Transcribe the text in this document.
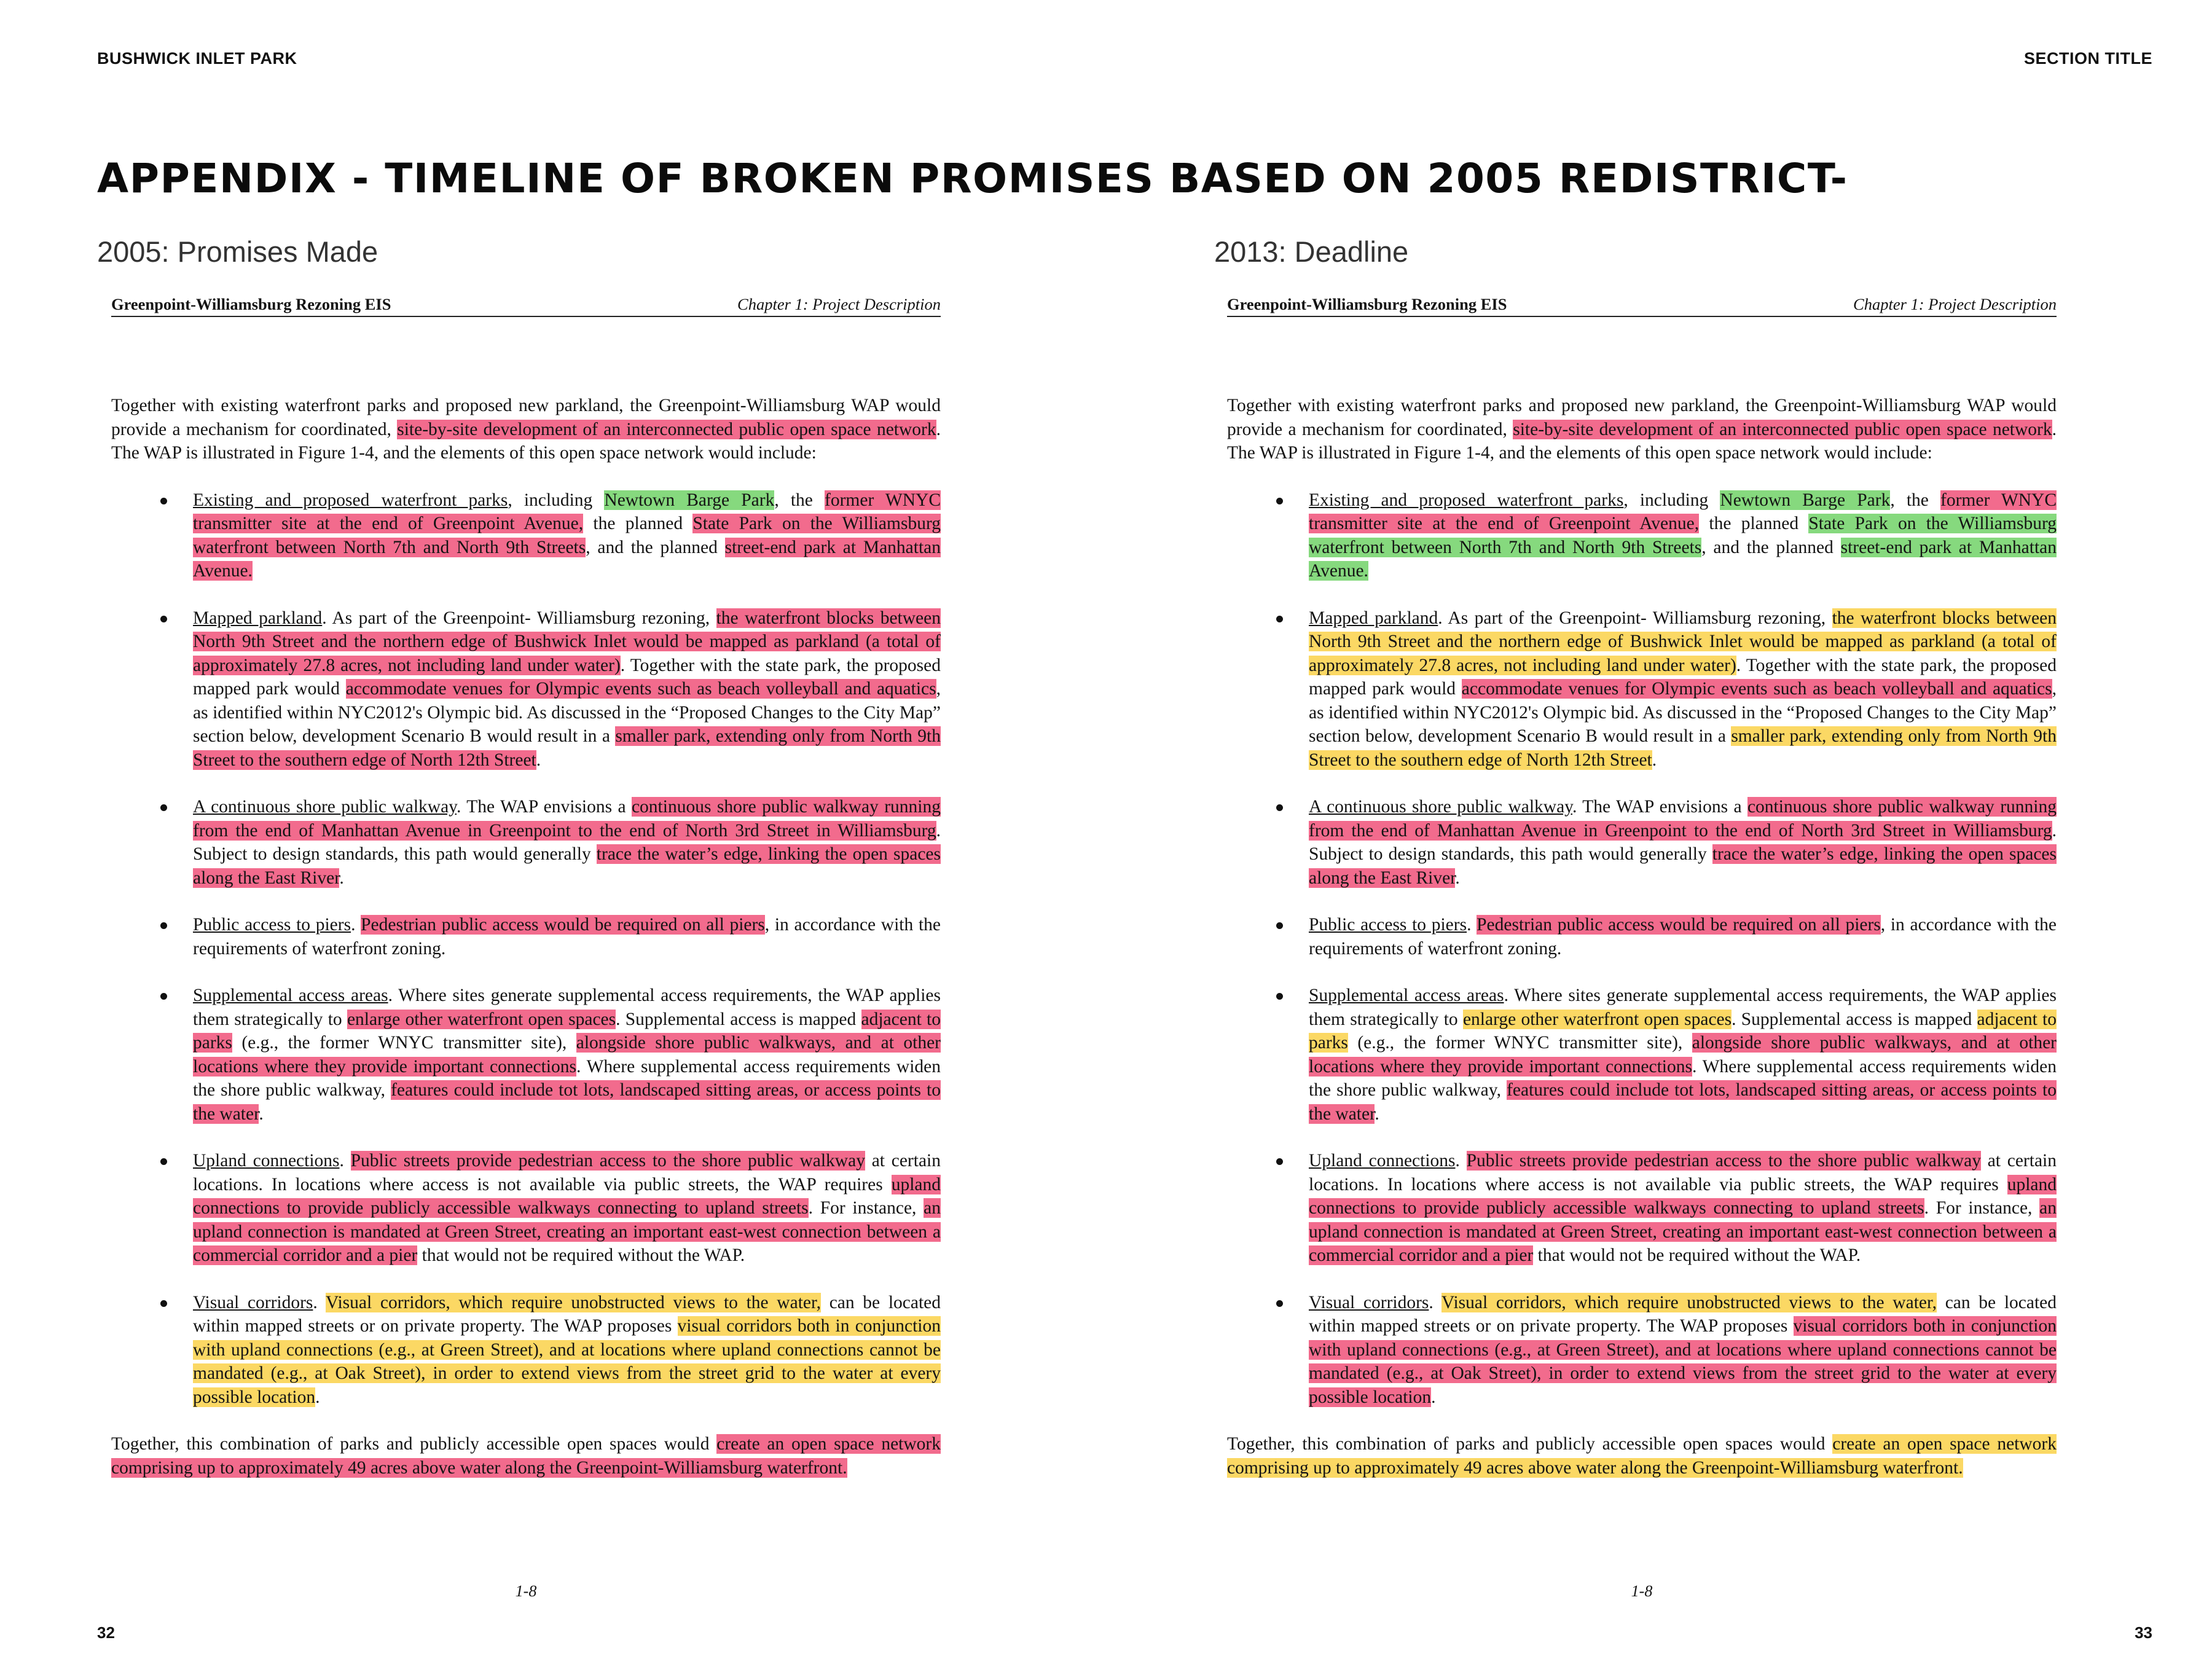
BUSHWICK INLET PARK	SECTION TITLE
APPENDIX - TIMELINE OF BROKEN PROMISES BASED ON 2005 REDISTRICT-
2005: Promises Made	2013: Deadline
Greenpoint-Williamsburg Rezoning EIS	Chapter 1: Project Description

Together with existing waterfront parks and proposed new parkland, the Greenpoint-Williamsburg WAP would provide a mechanism for coordinated, site-by-site development of an interconnected public open space network. The WAP is illustrated in Figure 1-4, and the elements of this open space network would include:

Existing and proposed waterfront parks, including Newtown Barge Park, the former WNYC transmitter site at the end of Greenpoint Avenue, the planned State Park on the Williamsburg waterfront between North 7th and North 9th Streets, and the planned street-end park at Manhattan Avenue.
Mapped parkland. As part of the Greenpoint- Williamsburg rezoning, the waterfront blocks between North 9th Street and the northern edge of Bushwick Inlet would be mapped as parkland (a total of approximately 27.8 acres, not including land under water). Together with the state park, the proposed mapped park would accommodate venues for Olympic events such as beach volleyball and aquatics, as identified within NYC2012's Olympic bid. As discussed in the “Proposed Changes to the City Map” section below, development Scenario B would result in a smaller park, extending only from North 9th Street to the southern edge of North 12th Street.
A continuous shore public walkway. The WAP envisions a continuous shore public walkway running from the end of Manhattan Avenue in Greenpoint to the end of North 3rd Street in Williamsburg. Subject to design standards, this path would generally trace the water’s edge, linking the open spaces along the East River.
Public access to piers. Pedestrian public access would be required on all piers, in accordance with the requirements of waterfront zoning.
Supplemental access areas. Where sites generate supplemental access requirements, the WAP applies them strategically to enlarge other waterfront open spaces. Supplemental access is mapped adjacent to parks (e.g., the former WNYC transmitter site), alongside shore public walkways, and at other locations where they provide important connections. Where supplemental access requirements widen the shore public walkway, features could include tot lots, landscaped sitting areas, or access points to the water.
Upland connections. Public streets provide pedestrian access to the shore public walkway at certain locations. In locations where access is not available via public streets, the WAP requires upland connections to provide publicly accessible walkways connecting to upland streets. For instance, an upland connection is mandated at Green Street, creating an important east-west connection between a commercial corridor and a pier that would not be required without the WAP.
Visual corridors. Visual corridors, which require unobstructed views to the water, can be located within mapped streets or on private property. The WAP proposes visual corridors both in conjunction with upland connections (e.g., at Green Street), and at locations where upland connections cannot be mandated (e.g., at Oak Street), in order to extend views from the street grid to the water at every possible location.

Together, this combination of parks and publicly accessible open spaces would create an open space network comprising up to approximately 49 acres above water along the Greenpoint-Williamsburg waterfront.

1-8
Greenpoint-Williamsburg Rezoning EIS	Chapter 1: Project Description

Together with existing waterfront parks and proposed new parkland, the Greenpoint-Williamsburg WAP would provide a mechanism for coordinated, site-by-site development of an interconnected public open space network. The WAP is illustrated in Figure 1-4, and the elements of this open space network would include:

Existing and proposed waterfront parks, including Newtown Barge Park, the former WNYC transmitter site at the end of Greenpoint Avenue, the planned State Park on the Williamsburg waterfront between North 7th and North 9th Streets, and the planned street-end park at Manhattan Avenue.
Mapped parkland. As part of the Greenpoint- Williamsburg rezoning, the waterfront blocks between North 9th Street and the northern edge of Bushwick Inlet would be mapped as parkland (a total of approximately 27.8 acres, not including land under water). Together with the state park, the proposed mapped park would accommodate venues for Olympic events such as beach volleyball and aquatics, as identified within NYC2012's Olympic bid. As discussed in the “Proposed Changes to the City Map” section below, development Scenario B would result in a smaller park, extending only from North 9th Street to the southern edge of North 12th Street.
A continuous shore public walkway. The WAP envisions a continuous shore public walkway running from the end of Manhattan Avenue in Greenpoint to the end of North 3rd Street in Williamsburg. Subject to design standards, this path would generally trace the water’s edge, linking the open spaces along the East River.
Public access to piers. Pedestrian public access would be required on all piers, in accordance with the requirements of waterfront zoning.
Supplemental access areas. Where sites generate supplemental access requirements, the WAP applies them strategically to enlarge other waterfront open spaces. Supplemental access is mapped adjacent to parks (e.g., the former WNYC transmitter site), alongside shore public walkways, and at other locations where they provide important connections. Where supplemental access requirements widen the shore public walkway, features could include tot lots, landscaped sitting areas, or access points to the water.
Upland connections. Public streets provide pedestrian access to the shore public walkway at certain locations. In locations where access is not available via public streets, the WAP requires upland connections to provide publicly accessible walkways connecting to upland streets. For instance, an upland connection is mandated at Green Street, creating an important east-west connection between a commercial corridor and a pier that would not be required without the WAP.
Visual corridors. Visual corridors, which require unobstructed views to the water, can be located within mapped streets or on private property. The WAP proposes visual corridors both in conjunction with upland connections (e.g., at Green Street), and at locations where upland connections cannot be mandated (e.g., at Oak Street), in order to extend views from the street grid to the water at every possible location.

Together, this combination of parks and publicly accessible open spaces would create an open space network comprising up to approximately 49 acres above water along the Greenpoint-Williamsburg waterfront.

1-8
32	33
